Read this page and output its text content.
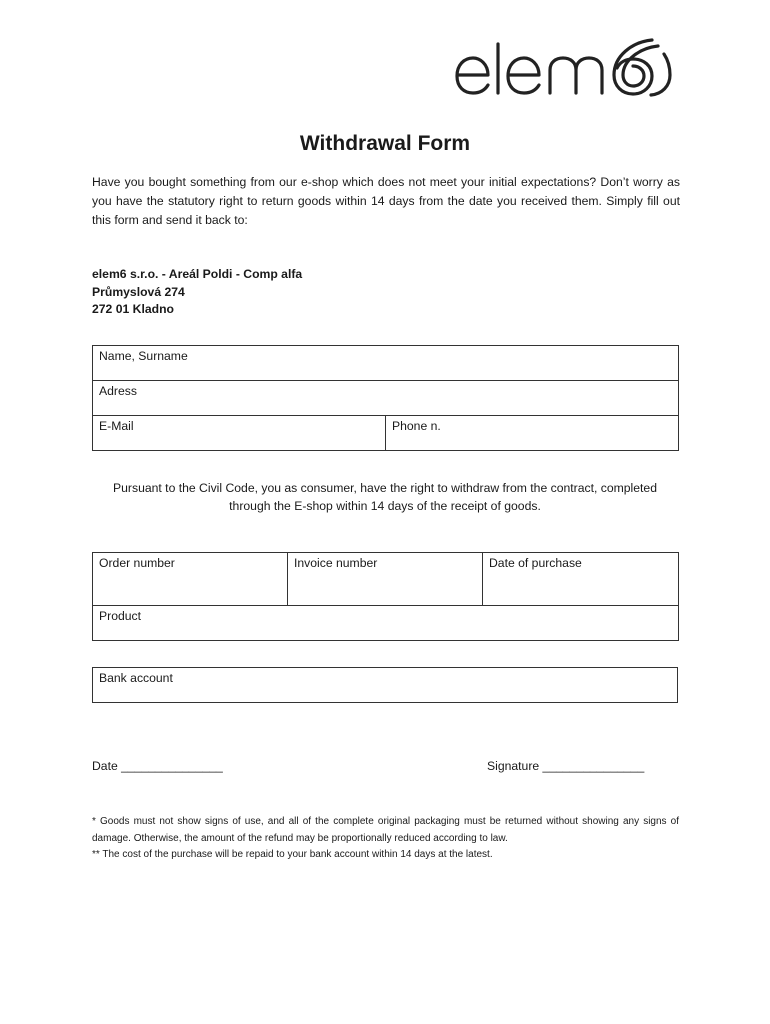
Withdrawal Form
Have you bought something from our e-shop which does not meet your initial expectations? Don’t worry as you have the statutory right to return goods within 14 days from the date you received them. Simply fill out this form and send it back to:
elem6 s.r.o. - Areál Poldi - Comp alfa
Průmyslová 274
272 01 Kladno
Name, Surname
Adress
E-Mail	Phone n.
Pursuant to the Civil Code, you as consumer, have the right to withdraw from the contract, completed through the E-shop within 14 days of the receipt of goods.
Order number	Invoice number	Date of purchase
Product
Bank account
Date _______________	Signature _______________

* Goods must not show signs of use, and all of the complete original packaging must be returned without showing any signs of damage. Otherwise, the amount of the refund may be proportionally reduced according to law.

** The cost of the purchase will be repaid to your bank account within 14 days at the latest.
